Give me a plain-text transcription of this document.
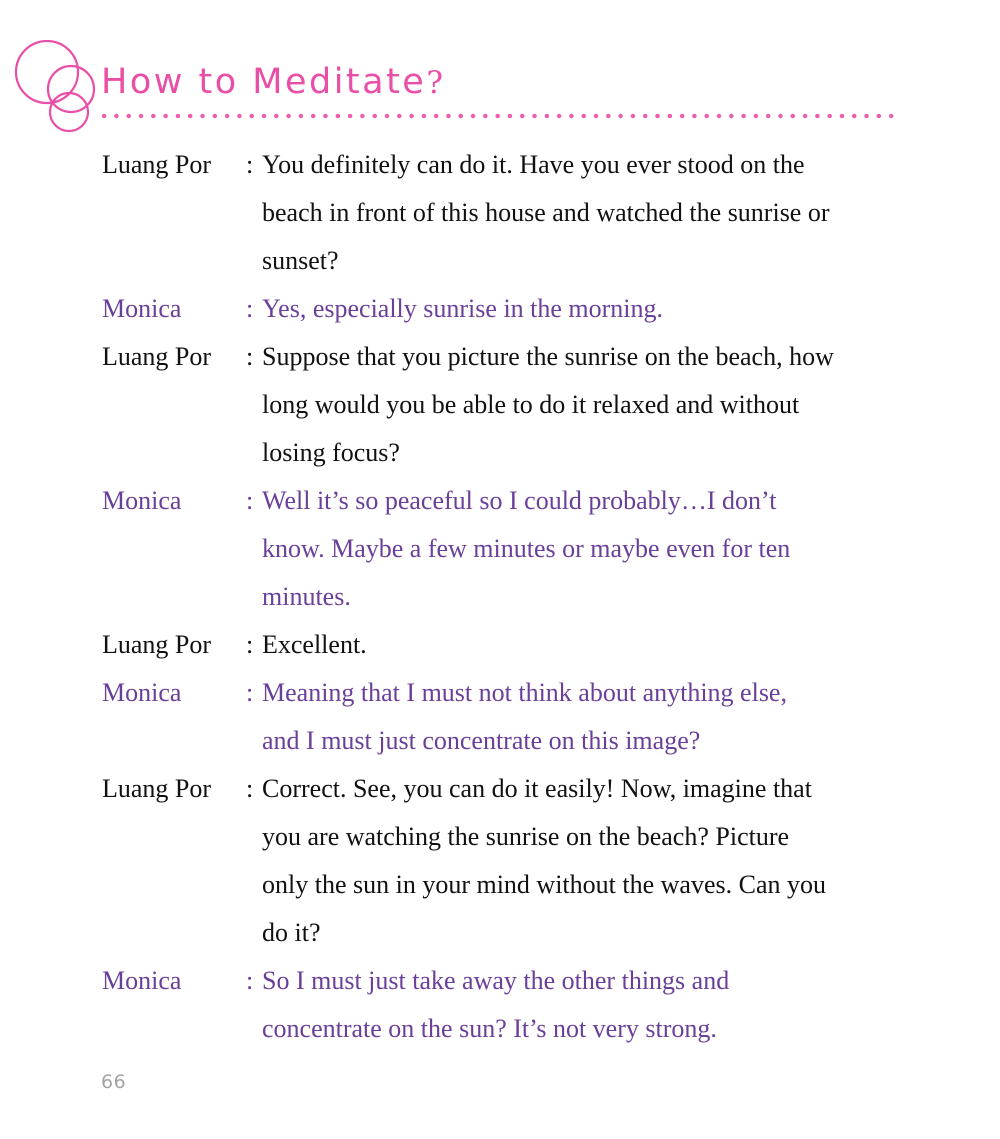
How to Meditate?
Luang Por : You definitely can do it. Have you ever stood on the
beach in front of this house and watched the sunrise or
sunset?
Monica : Yes, especially sunrise in the morning.
Luang Por : Suppose that you picture the sunrise on the beach, how
long would you be able to do it relaxed and without
losing focus?
Monica : Well it’s so peaceful so I could probably…I don’t
know. Maybe a few minutes or maybe even for ten
minutes.
Luang Por : Excellent.
Monica : Meaning that I must not think about anything else,
and I must just concentrate on this image?
Luang Por : Correct. See, you can do it easily! Now, imagine that
you are watching the sunrise on the beach? Picture
only the sun in your mind without the waves. Can you
do it?
Monica : So I must just take away the other things and
concentrate on the sun? It’s not very strong.
66
